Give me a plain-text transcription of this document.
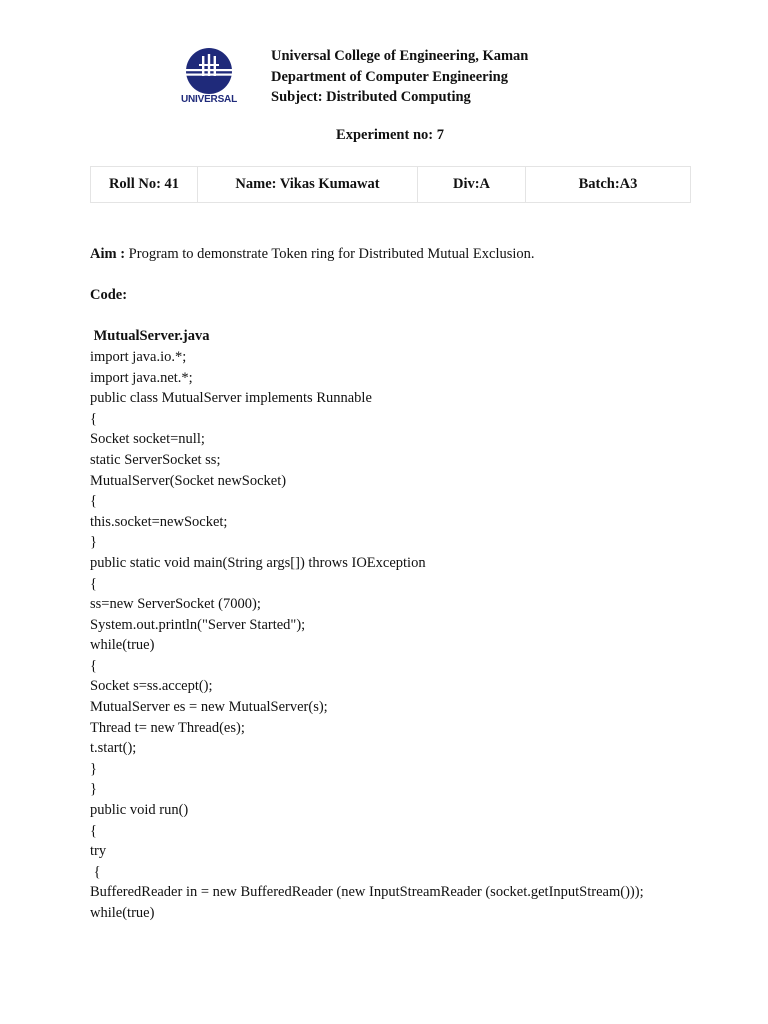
UNIVERSAL
Universal College of Engineering, Kaman
Department of Computer Engineering
Subject: Distributed Computing
Experiment no: 7
Roll No: 41	Name: Vikas Kumawat	Div:A	Batch:A3
Aim : Program to demonstrate Token ring for Distributed Mutual Exclusion.
Code:
MutualServer.java
import java.io.*;
import java.net.*;
public class MutualServer implements Runnable
{
Socket socket=null;
static ServerSocket ss;
MutualServer(Socket newSocket)
{
this.socket=newSocket;
}
public static void main(String args[]) throws IOException
{
ss=new ServerSocket (7000);
System.out.println("Server Started");
while(true)
{
Socket s=ss.accept();
MutualServer es = new MutualServer(s);
Thread t= new Thread(es);
t.start();
}
}
public void run()
{
try
{
BufferedReader in = new BufferedReader (new InputStreamReader (socket.getInputStream()));
while(true)
